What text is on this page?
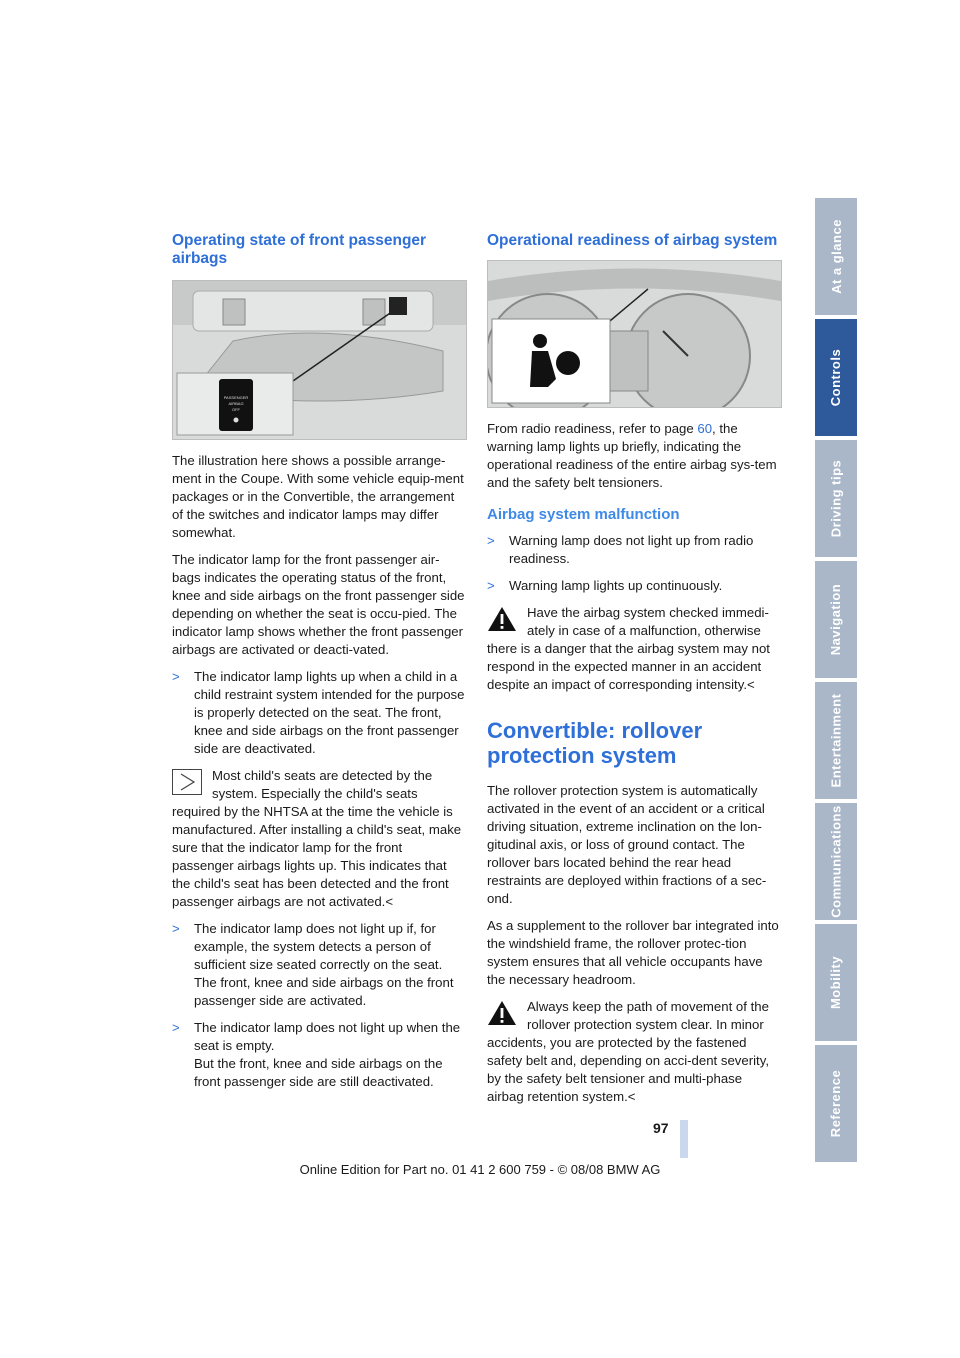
At a glance
Controls
Driving tips
Navigation
Entertainment
Communications
Mobility
Reference
Operating state of front passenger airbags
PASSENGER
AIRBAG
OFF

The illustration here shows a possible arrange-ment in the Coupe. With some vehicle equip-ment packages or in the Convertible, the arrangement of the switches and indicator lamps may differ somewhat.

The indicator lamp for the front passenger air-bags indicates the operating status of the front, knee and side airbags on the front passenger side depending on whether the seat is occu-pied. The indicator lamp shows whether the front passenger airbags are activated or deacti-vated.

> The indicator lamp lights up when a child in a child restraint system intended for the purpose is properly detected on the seat. The front, knee and side airbags on the front passenger side are deactivated.
Most child's seats are detected by the system. Especially the child's seats required by the NHTSA at the time the vehicle is manufactured. After installing a child's seat, make sure that the indicator lamp for the front passenger airbags lights up. This indicates that the child's seat has been detected and the front passenger airbags are not activated.<
> The indicator lamp does not light up if, for example, the system detects a person of sufficient size seated correctly on the seat. The front, knee and side airbags on the front passenger side are activated.
> The indicator lamp does not light up when the seat is empty.
But the front, knee and side airbags on the front passenger side are still deactivated.
Operational readiness of airbag system

From radio readiness, refer to page 60, the warning lamp lights up briefly, indicating the operational readiness of the entire airbag sys-tem and the safety belt tensioners.

Airbag system malfunction
> Warning lamp does not light up from radio readiness.
> Warning lamp lights up continuously.
Have the airbag system checked immedi-ately in case of a malfunction, otherwise there is a danger that the airbag system may not respond in the expected manner in an accident despite an impact of corresponding intensity.<
Convertible: rollover protection system

The rollover protection system is automatically activated in the event of an accident or a critical driving situation, extreme inclination on the lon-gitudinal axis, or loss of ground contact. The rollover bars located behind the rear head restraints are deployed within fractions of a sec-ond.

As a supplement to the rollover bar integrated into the windshield frame, the rollover protec-tion system ensures that all vehicle occupants have the necessary headroom.

Always keep the path of movement of the rollover protection system clear. In minor accidents, you are protected by the fastened safety belt and, depending on acci-dent severity, by the safety belt tensioner and multi-phase airbag retention system.<
97
Online Edition for Part no. 01 41 2 600 759 - © 08/08 BMW AG
